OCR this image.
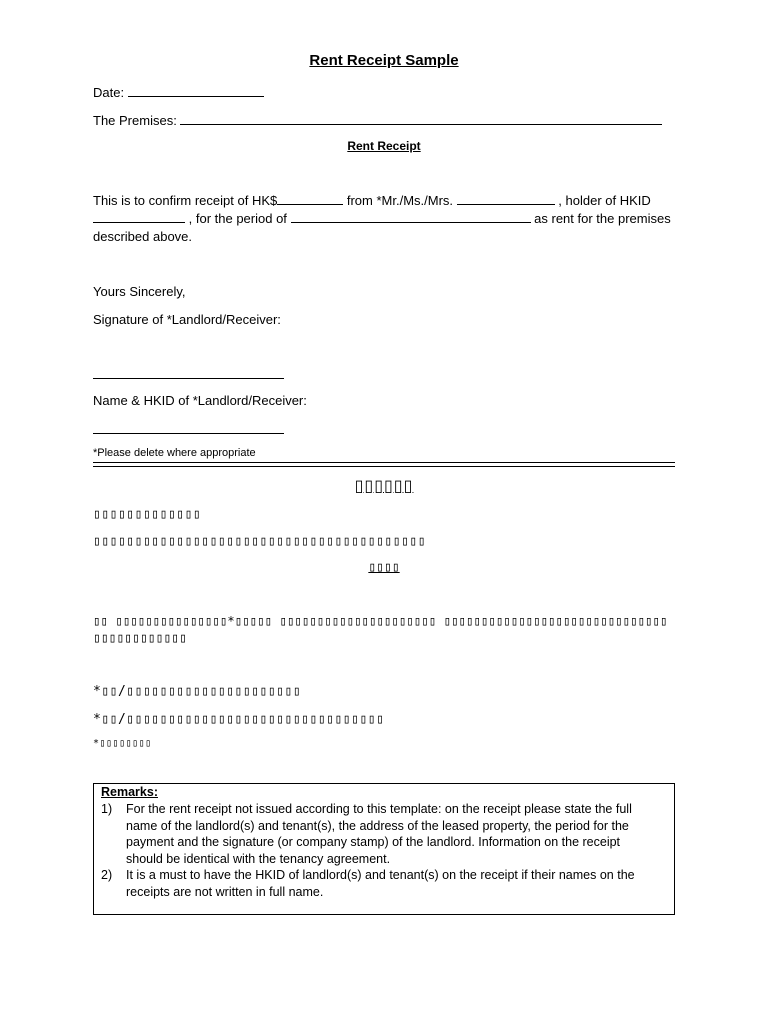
Rent Receipt Sample
Date:
The Premises:
Rent Receipt
This is to confirm receipt of HK$	from *Mr./Ms./Mrs.	, holder of HKID
, for the period of	as rent for the premises
described above.
Yours Sincerely,
Signature of *Landlord/Receiver:
Name & HKID of *Landlord/Receiver:
*Please delete where appropriate
▯▯▯▯▯▯
▯▯▯▯▯▯▯▯▯▯▯▯▯
▯▯▯▯▯▯▯▯▯▯▯▯▯▯▯▯▯▯▯▯▯▯▯▯▯▯▯▯▯▯▯▯▯▯▯▯▯▯▯▯
▯▯▯▯
▯▯ ▯▯▯▯▯▯▯▯▯▯▯▯▯▯▯*▯▯▯▯▯ ▯▯▯▯▯▯▯▯▯▯▯▯▯▯▯▯▯▯▯▯▯ ▯▯▯▯▯▯▯▯▯▯▯▯▯▯▯▯▯▯▯▯▯▯▯▯▯▯▯▯▯▯
▯▯▯▯▯▯▯▯▯▯▯▯
*▯▯/▯▯▯▯▯▯▯▯▯▯▯▯▯▯▯▯▯▯▯▯▯
*▯▯/▯▯▯▯▯▯▯▯▯▯▯▯▯▯▯▯▯▯▯▯▯▯▯▯▯▯▯▯▯▯▯
*▯▯▯▯▯▯▯▯
Remarks:
1)	For the rent receipt not issued according to this template: on the receipt please state the full
name of the landlord(s) and tenant(s), the address of the leased property, the period for the
payment and the signature (or company stamp) of the landlord. Information on the receipt
should be identical with the tenancy agreement.
2)	It is a must to have the HKID of landlord(s) and tenant(s) on the receipt if their names on the
receipts are not written in full name.
